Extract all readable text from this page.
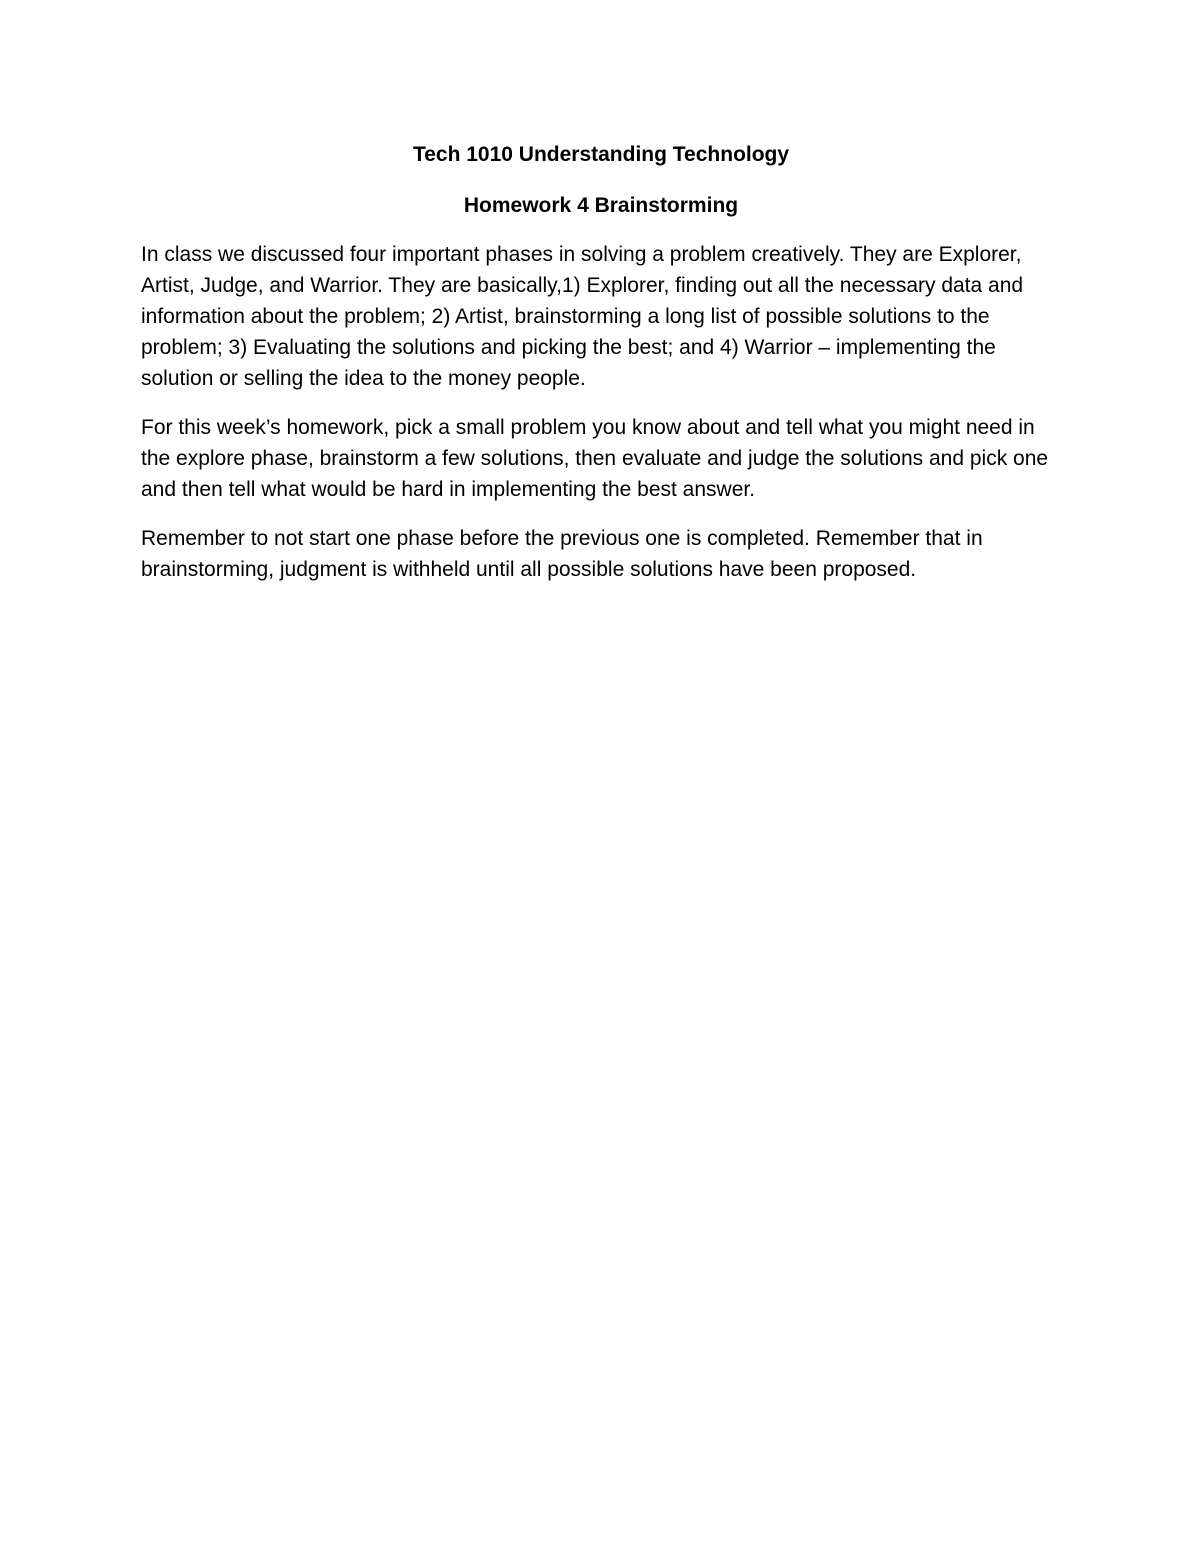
Tech 1010 Understanding Technology
Homework 4 Brainstorming

In class we discussed four important phases in solving a problem creatively. They are Explorer, Artist, Judge, and Warrior. They are basically,1) Explorer, finding out all the necessary data and information about the problem; 2) Artist, brainstorming a long list of possible solutions to the problem; 3) Evaluating the solutions and picking the best; and 4) Warrior – implementing the solution or selling the idea to the money people.

For this week’s homework, pick a small problem you know about and tell what you might need in the explore phase, brainstorm a few solutions, then evaluate and judge the solutions and pick one and then tell what would be hard in implementing the best answer.

Remember to not start one phase before the previous one is completed. Remember that in brainstorming, judgment is withheld until all possible solutions have been proposed.
